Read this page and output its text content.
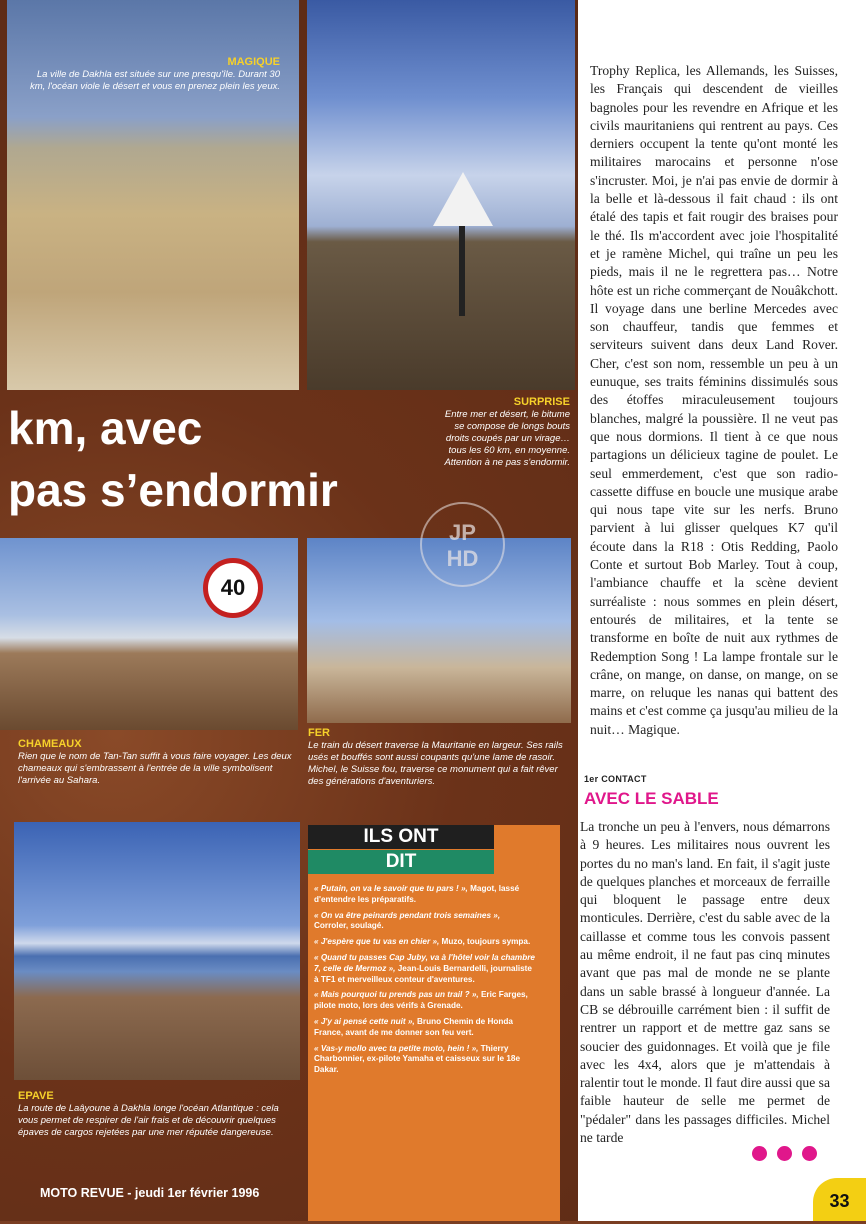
40
MAGIQUE
La ville de Dakhla est située sur une presqu'île. Durant 30 km, l'océan viole le désert et vous en prenez plein les yeux.
km, avec
pas s’endormir
SURPRISE
Entre mer et désert, le bitume se compose de longs bouts droits coupés par un virage… tous les 60 km, en moyenne. Attention à ne pas s'endormir.
CHAMEAUX
Rien que le nom de Tan-Tan suffit à vous faire voyager. Les deux chameaux qui s'embrassent à l'entrée de la ville symbolisent l'arrivée au Sahara.
FER
Le train du désert traverse la Mauritanie en largeur. Ses rails usés et bouffés sont aussi coupants qu'une lame de rasoir. Michel, le Suisse fou, traverse ce monument qui a fait rêver des générations d'aventuriers.
EPAVE
La route de Laâyoune à Dakhla longe l'océan Atlantique : cela vous permet de respirer de l'air frais et de découvrir quelques épaves de cargos rejetées par une mer réputée dangereuse.
MOTO REVUE - jeudi 1er février 1996
JP
HD
ILS ONT
DIT

« Putain, on va le savoir que tu pars ! », Magot, lassé d'entendre les préparatifs.

« On va être peinards pendant trois semaines », Corroler, soulagé.

« J'espère que tu vas en chier », Muzo, toujours sympa.

« Quand tu passes Cap Juby, va à l'hôtel voir la chambre 7, celle de Mermoz », Jean-Louis Bernardelli, journaliste à TF1 et merveilleux conteur d'aventures.

« Mais pourquoi tu prends pas un trail ? », Eric Farges, pilote moto, lors des vérifs à Grenade.

« J'y ai pensé cette nuit », Bruno Chemin de Honda France, avant de me donner son feu vert.

« Vas-y mollo avec ta petite moto, hein ! », Thierry Charbonnier, ex-pilote Yamaha et caisseux sur le 18e Dakar.

Trophy Replica, les Allemands, les Suisses, les Français qui descendent de vieilles bagnoles pour les revendre en Afrique et les civils mauritaniens qui rentrent au pays. Ces derniers occupent la tente qu'ont monté les militaires marocains et personne n'ose s'incruster. Moi, je n'ai pas envie de dormir à la belle et là-dessous il fait chaud : ils ont étalé des tapis et fait rougir des braises pour le thé. Ils m'accordent avec joie l'hospitalité et je ramène Michel, qui traîne un peu les pieds, mais il ne le regrettera pas… Notre hôte est un riche commerçant de Nouâkchott. Il voyage dans une berline Mercedes avec son chauffeur, tandis que femmes et serviteurs suivent dans deux Land Rover. Cher, c'est son nom, ressemble un peu à un eunuque, ses traits féminins dissimulés sous des étoffes miraculeusement toujours blanches, malgré la poussière. Il ne veut pas que nous dormions. Il tient à ce que nous partagions un délicieux tagine de poulet. Le seul emmerdement, c'est que son radio-cassette diffuse en boucle une musique arabe qui nous tape vite sur les nerfs. Bruno parvient à lui glisser quelques K7 qu'il écoute dans la R18 : Otis Redding, Paolo Conte et surtout Bob Marley. Tout à coup, l'ambiance chauffe et la scène devient surréaliste : nous sommes en plein désert, entourés de militaires, et la tente se transforme en boîte de nuit aux rythmes de Redemption Song ! La lampe frontale sur le crâne, on mange, on danse, on mange, on se marre, on reluque les nanas qui battent des mains et c'est comme ça jusqu'au milieu de la nuit… Magique.
1er CONTACT
AVEC LE SABLE
La tronche un peu à l'envers, nous démarrons à 9 heures. Les militaires nous ouvrent les portes du no man's land. En fait, il s'agit juste de quelques planches et morceaux de ferraille qui bloquent le passage entre deux monticules. Derrière, c'est du sable avec de la caillasse et comme tous les convois passent au même endroit, il ne faut pas cinq minutes avant que pas mal de monde ne se plante dans un sable brassé à longueur d'année. La CB se débrouille carrément bien : il suffit de rentrer un rapport et de mettre gaz sans se soucier des guidonnages. Et voilà que je file avec les 4x4, alors que je m'attendais à ralentir tout le monde. Il faut dire aussi que sa faible hauteur de selle me permet de "pédaler" dans les passages difficiles. Michel ne tarde
33
